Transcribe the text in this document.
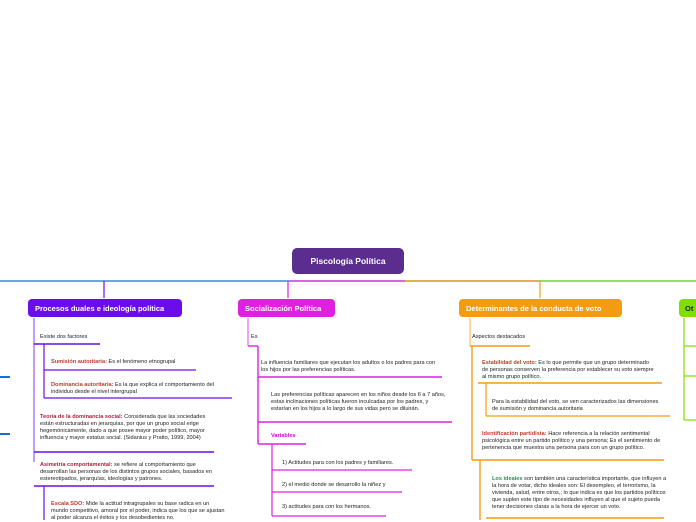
Piscología Política
Procesos duales e ideología política
Existe dos factores
Sumisión autoritaria: Es el fenómeno etnogrupal
Dominancia autoritaria: Es la que explica el comportamiento del individuo desde el nivel intergrupal
Teoría de la dominancia social: Considerada que las sociedades están estructuradas en jerarquías, por que un grupo social erige hegemónicamente, dado a que posee mayor poder político, mayor influencia y mayor estatus social. (Sidanius y Pratto, 1999, 2004)
Asimetría comportamental: se refiere al comportamiento que desarrollan las personas de los distintos grupos sociales, basados en estereotipados, jerarquías, ideologías y patrones.
Escala SDO: Mide la actitud intragrupales su base radica en un mundo competitivo, amoral por el poder, indica que los que se ajustan al poder alcanza el éxitos y los desobedientes no.
Socialización Política
Es
La influencia familiares que ejecutan los adultos o los padres para con los hijos por las preferencias políticas.
Las preferencias políticas aparecen en los niños desde los 6 a 7 años, estas inclinaciones políticas fueron inculcadas por los padres, y estarían en los hijos a lo largo de sus vidas pero se diluirán.
Variables
1) Actitudes para con los padres y familiares.
2) el medio donde se desarrollo la niñez y
3) actitudes para con los hermanos.
Determinantes de la conducta de voto
Aspectos destacados
Estabilidad del voto: Es lo que permite que un grupo determinado de personas conserven la preferencia por establecer su voto siempre al mismo grupo político.
Para la estabilidad del voto, se ven caracterizados las dimensiones de sumisión y dominancia autoritaria
Identificación partidista: Hace referencia a la relación sentimental psicológica entre un partido político y una persona; Es el sentimiento de pertenencia que muestra una persona para con un grupo político.
Los ideales son también una característica importante, que influyen a la hora de votar, dicho ideales son: El desempleo, el terrorismo, la vivienda, salud, entre otros,; lo que indica es que los partidos políticos que suplen este tipo de necesidades influyen al que el sujeto pueda tener decisiones claras a la hora de ejercer un voto.
Ot
